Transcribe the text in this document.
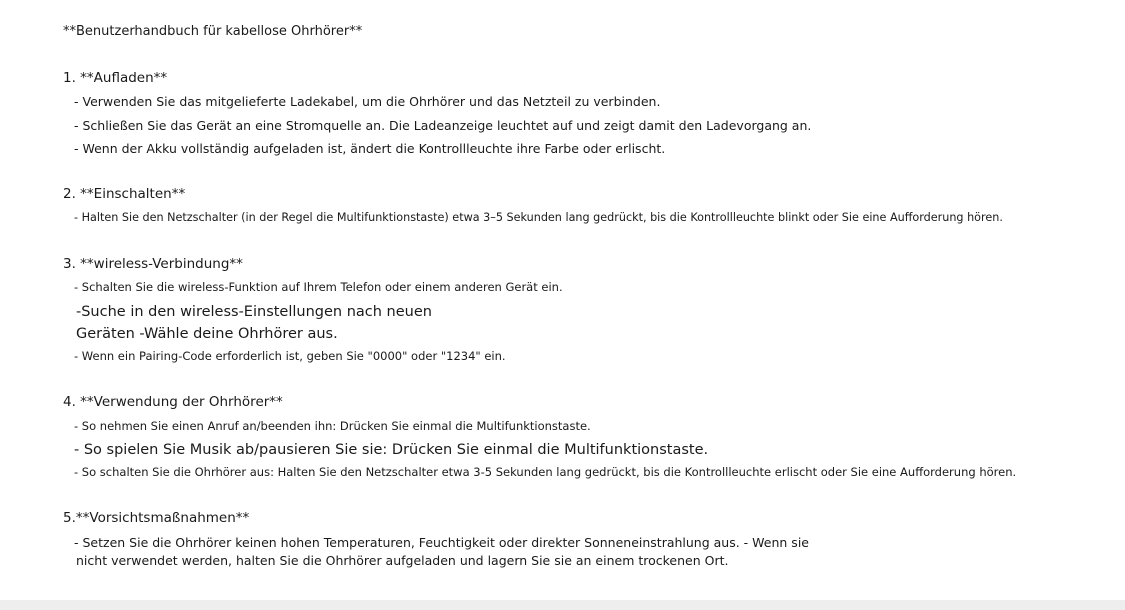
**Benutzerhandbuch für kabellose Ohrhörer**
1. **Aufladen**
- Verwenden Sie das mitgelieferte Ladekabel, um die Ohrhörer und das Netzteil zu verbinden.
- Schließen Sie das Gerät an eine Stromquelle an. Die Ladeanzeige leuchtet auf und zeigt damit den Ladevorgang an.
- Wenn der Akku vollständig aufgeladen ist, ändert die Kontrollleuchte ihre Farbe oder erlischt.
2. **Einschalten**
- Halten Sie den Netzschalter (in der Regel die Multifunktionstaste) etwa 3–5 Sekunden lang gedrückt, bis die Kontrollleuchte blinkt oder Sie eine Aufforderung hören.
3. **wireless-Verbindung**
- Schalten Sie die wireless-Funktion auf Ihrem Telefon oder einem anderen Gerät ein.
-Suche in den wireless-Einstellungen nach neuen
Geräten -Wähle deine Ohrhörer aus.
- Wenn ein Pairing-Code erforderlich ist, geben Sie "0000" oder "1234" ein.
4. **Verwendung der Ohrhörer**
- So nehmen Sie einen Anruf an/beenden ihn: Drücken Sie einmal die Multifunktionstaste.
- So spielen Sie Musik ab/pausieren Sie sie: Drücken Sie einmal die Multifunktionstaste.
- So schalten Sie die Ohrhörer aus: Halten Sie den Netzschalter etwa 3-5 Sekunden lang gedrückt, bis die Kontrollleuchte erlischt oder Sie eine Aufforderung hören.
5.**Vorsichtsmaßnahmen**
- Setzen Sie die Ohrhörer keinen hohen Temperaturen, Feuchtigkeit oder direkter Sonneneinstrahlung aus. - Wenn sie
nicht verwendet werden, halten Sie die Ohrhörer aufgeladen und lagern Sie sie an einem trockenen Ort.
